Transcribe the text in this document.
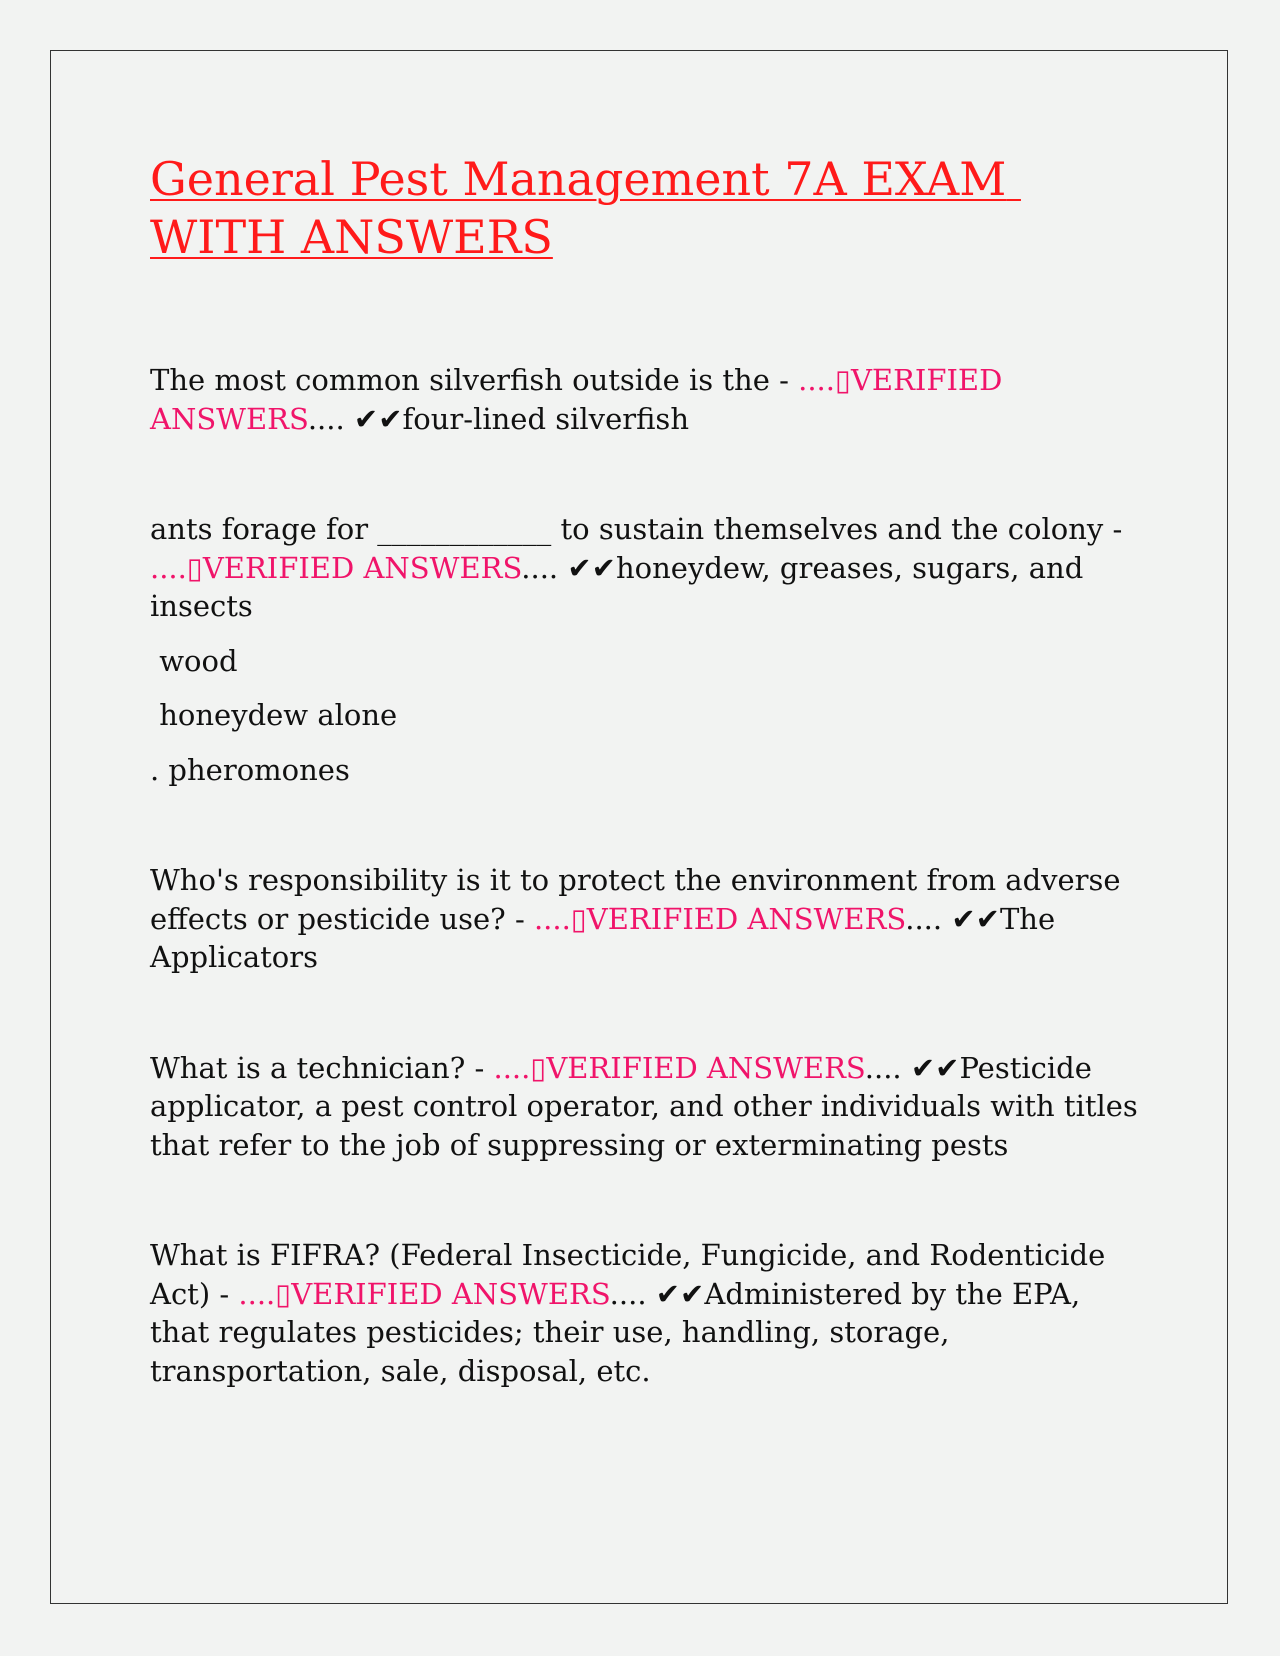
General Pest Management 7A EXAM WITH ANSWERS

The most common silverfish outside is the - ....▯VERIFIED ANSWERS.... ✔✔four-lined silverfish

ants forage for ____________ to sustain themselves and the colony - ....▯VERIFIED ANSWERS.... ✔✔honeydew, greases, sugars, and insects

wood

honeydew alone

. pheromones

Who's responsibility is it to protect the environment from adverse effects or pesticide use? - ....▯VERIFIED ANSWERS.... ✔✔The Applicators

What is a technician? - ....▯VERIFIED ANSWERS.... ✔✔Pesticide applicator, a pest control operator, and other individuals with titles that refer to the job of suppressing or exterminating pests

What is FIFRA? (Federal Insecticide, Fungicide, and Rodenticide Act) - ....▯VERIFIED ANSWERS.... ✔✔Administered by the EPA, that regulates pesticides; their use, handling, storage, transportation, sale, disposal, etc.
